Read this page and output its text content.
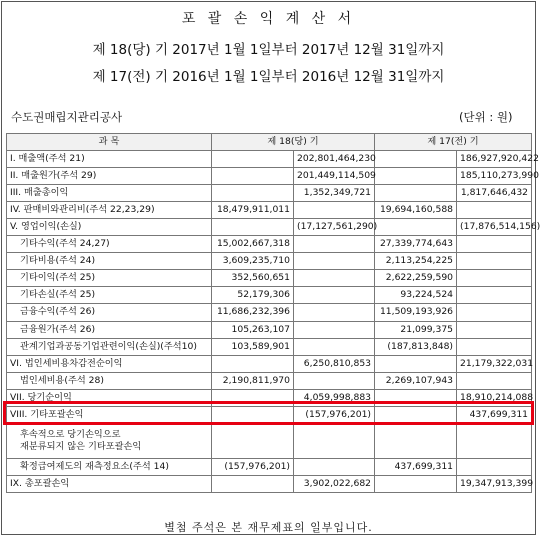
포 괄 손 익 계 산 서
제 18(당) 기 2017년 1월 1일부터 2017년 12월 31일까지
제 17(전) 기 2016년 1월 1일부터 2016년 12월 31일까지
수도권매립지관리공사	(단위 : 원)
과 목	제 18(당) 기		제 17(전) 기	
I. 매출액(주석 21)		202,801,464,230		186,927,920,422
II. 매출원가(주석 29)		201,449,114,509		185,110,273,990
III. 매출총이익		1,352,349,721		1,817,646,432
IV. 판매비와관리비(주석 22,23,29)	18,479,911,011		19,694,160,588	
V. 영업이익(손실)		(17,127,561,290)		(17,876,514,156)
기타수익(주석 24,27)	15,002,667,318		27,339,774,643	
기타비용(주석 24)	3,609,235,710		2,113,254,225	
기타이익(주석 25)	352,560,651		2,622,259,590	
기타손실(주석 25)	52,179,306		93,224,524	
금융수익(주석 26)	11,686,232,396		11,509,193,926	
금융원가(주석 26)	105,263,107		21,099,375	
관계기업과공동기업관련이익(손실)(주석10)	103,589,901		(187,813,848)	
VI. 법인세비용차감전순이익		6,250,810,853		21,179,322,031
법인세비용(주석 28)	2,190,811,970		2,269,107,943	
VII. 당기순이익		4,059,998,883		18,910,214,088
VIII. 기타포괄손익		(157,976,201)		437,699,311

후속적으로 당기손익으로
재분류되지 않은 기타포괄손익				

확정급여제도의 재측정요소(주석 14)	(157,976,201)		437,699,311	
IX. 총포괄손익		3,902,022,682		19,347,913,399
별첨 주석은 본 재무제표의 일부입니다.
